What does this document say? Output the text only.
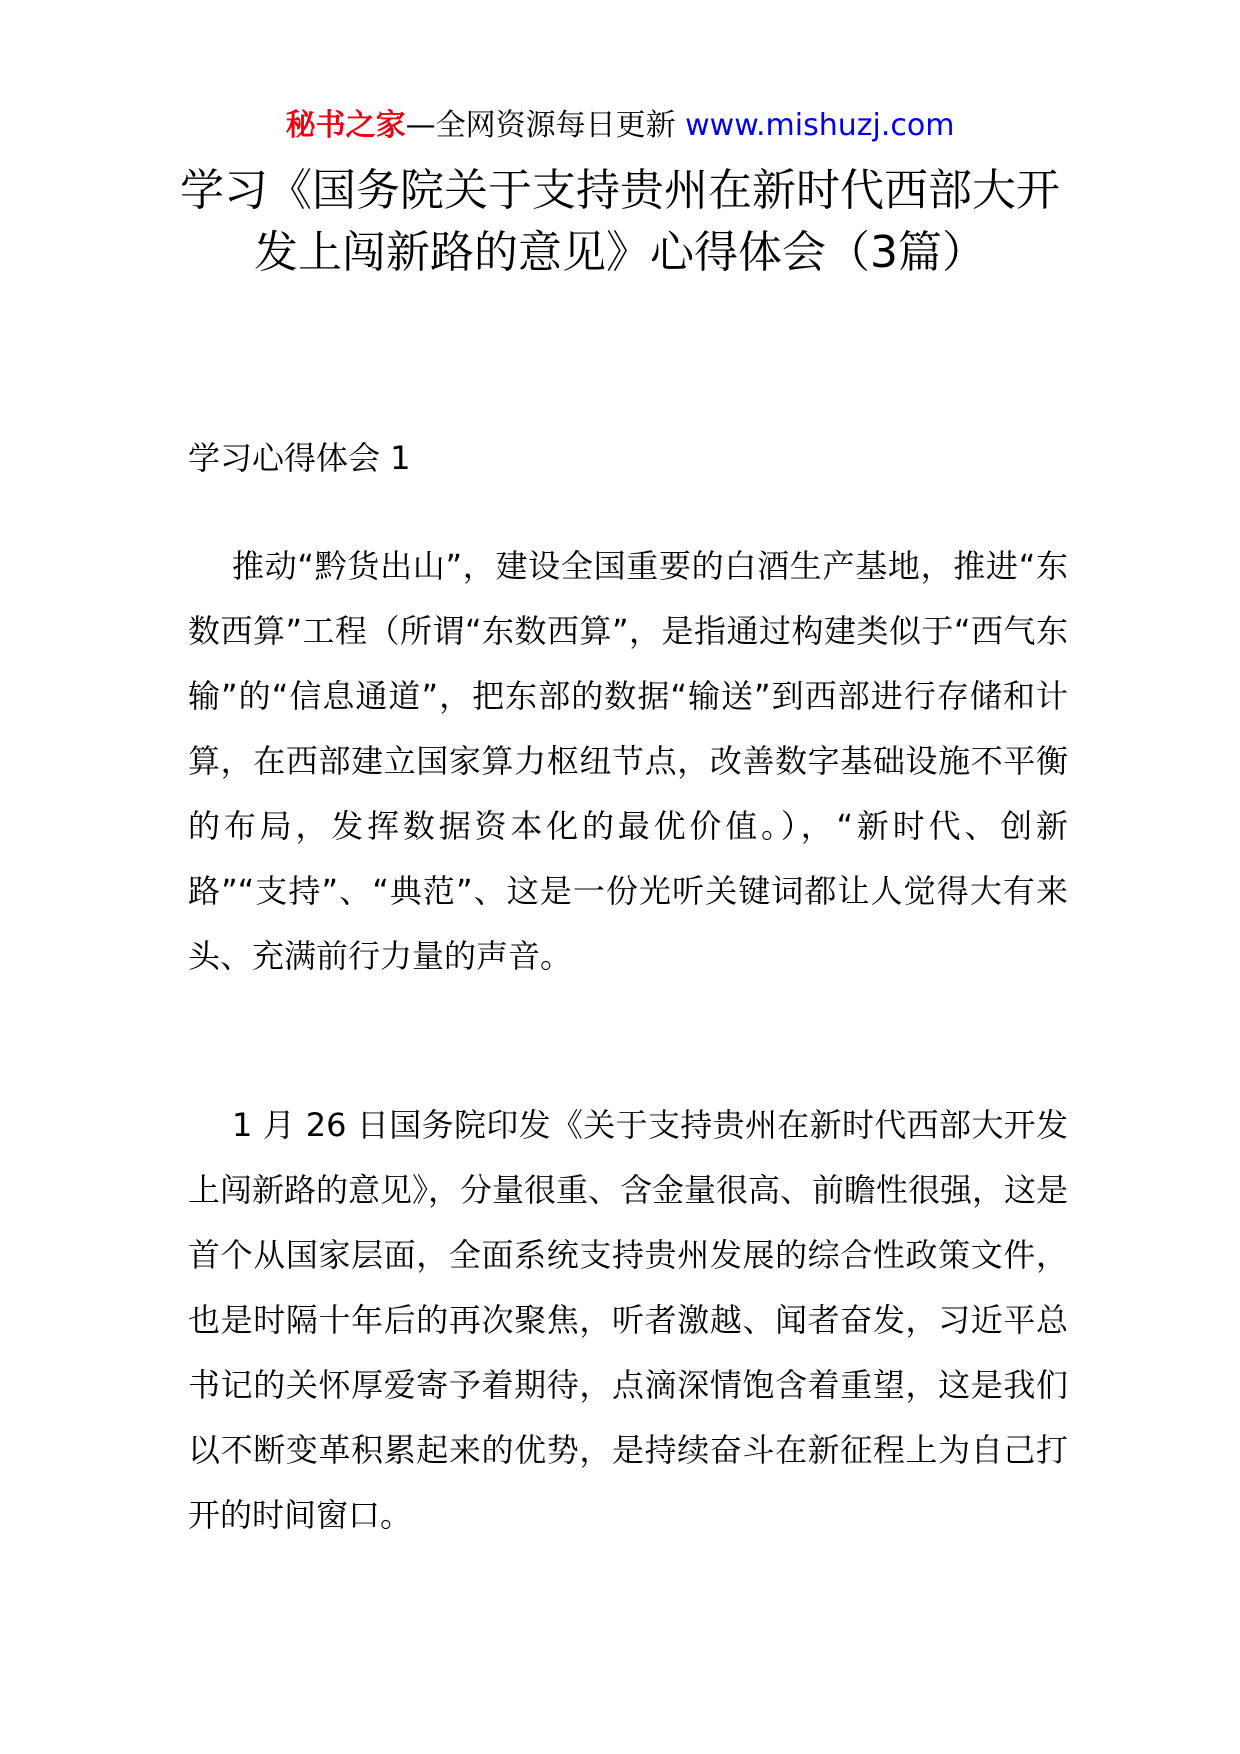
秘书之家—全网资源每日更新 www.mishuzj.com
学习《国务院关于支持贵州在新时代西部大开发上闯新路的意见》心得体会（3篇）
学习心得体会 1

推动“黔货出山”，建设全国重要的白酒生产基地，推进“东数西算”工程（所谓“东数西算”，是指通过构建类似于“西气东输”的“信息通道”，把东部的数据“输送”到西部进行存储和计算，在西部建立国家算力枢纽节点，改善数字基础设施不平衡的布局，发挥数据资本化的最优价值。），“新时代、创新路”“支持”、“典范”、这是一份光听关键词都让人觉得大有来头、充满前行力量的声音。

1 月 26 日国务院印发《关于支持贵州在新时代西部大开发上闯新路的意见》，分量很重、含金量很高、前瞻性很强，这是首个从国家层面，全面系统支持贵州发展的综合性政策文件，也是时隔十年后的再次聚焦，听者激越、闻者奋发，习近平总书记的关怀厚爱寄予着期待，点滴深情饱含着重望，这是我们以不断变革积累起来的优势，是持续奋斗在新征程上为自己打开的时间窗口。
